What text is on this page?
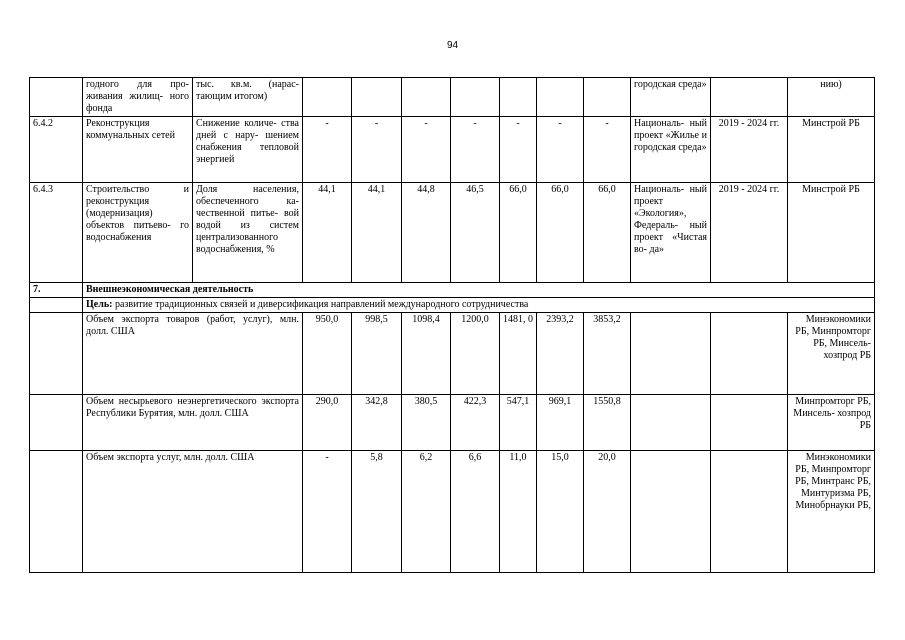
94
	годного для про- живания жилищ- ного фонда	тыс. кв.м. (нарас- тающим итогом)								городская среда»		нию)
6.4.2	Реконструкция коммунальных сетей	Снижение количе- ства дней с нару- шением снабжения тепловой энергией	-	-	-	-	-	-	-	Националь- ный проект «Жилье и городская среда»	2019 - 2024 гг.	Минстрой РБ
6.4.3	Строительство и реконструкция (модернизация) объектов питьево- го водоснабжения	Доля населения, обеспеченного ка- чественной питье- вой водой из систем централизованного водоснабжения, %	44,1	44,1	44,8	46,5	66,0	66,0	66,0	Националь- ный проект «Экология», Федераль- ный проект «Чистая во- да»	2019 - 2024 гг.	Минстрой РБ
7.	Внешнеэкономическая деятельность											
	Цель: развитие традиционных связей и диверсификация направлений международного сотрудничества											
	Объем экспорта товаров (работ, услуг), млн. долл. США		950,0	998,5	1098,4	1200,0	1481, 0	2393,2	3853,2			Минэкономики РБ, Минпромторг РБ, Минсель- хозпрод РБ
	Объем несырьевого неэнергетического экспорта Республики Бурятия, млн. долл. США		290,0	342,8	380,5	422,3	547,1	969,1	1550,8			Минпромторг РБ, Минсель- хозпрод РБ
	Объем экспорта услуг, млн. долл. США		-	5,8	6,2	6,6	11,0	15,0	20,0			Минэкономики РБ, Минпромторг РБ, Минтранс РБ, Минтуризма РБ, Минобрнауки РБ,
